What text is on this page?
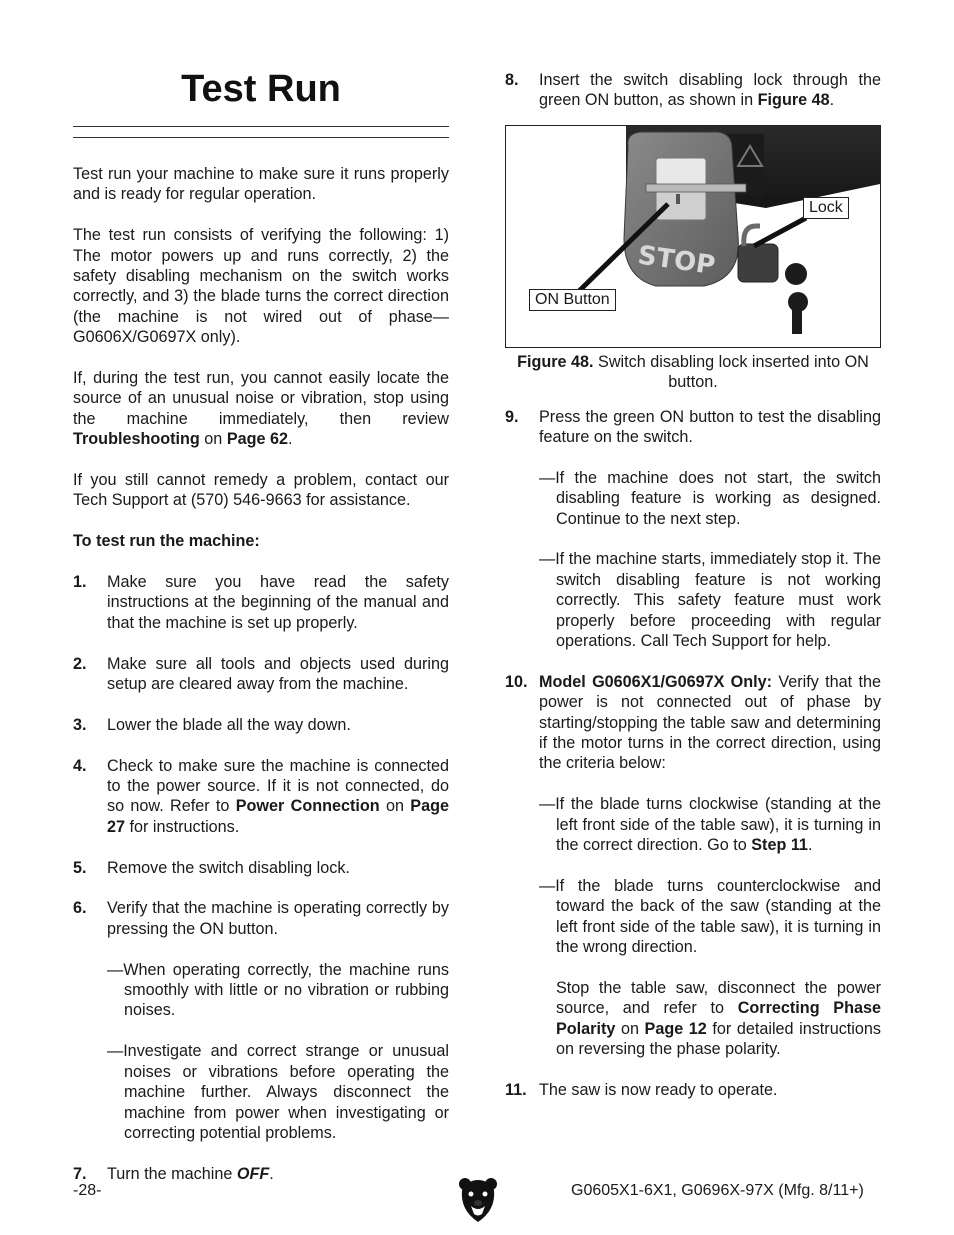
Test Run

Test run your machine to make sure it runs properly and is ready for regular operation.

The test run consists of verifying the following: 1) The motor powers up and runs correctly, 2) the safety disabling mechanism on the switch works correctly, and 3) the blade turns the correct direction (the machine is not wired out of phase—G0606X/G0697X only).

If, during the test run, you cannot easily locate the source of an unusual noise or vibration, stop using the machine immediately, then review Troubleshooting on Page 62.

If you still cannot remedy a problem, contact our Tech Support at (570) 546-9663 for assistance.

To test run the machine:

1.	Make sure you have read the safety instructions at the beginning of the manual and that the machine is set up properly.
2.	Make sure all tools and objects used during setup are cleared away from the machine.
3.	Lower the blade all the way down.
4.	Check to make sure the machine is connected to the power source. If it is not connected, do so now. Refer to Power Connection on Page 27 for instructions.
5.	Remove the switch disabling lock.
6.	Verify that the machine is operating correctly by pressing the ON button.

—When operating correctly, the machine runs smoothly with little or no vibration or rubbing noises.

—Investigate and correct strange or unusual noises or vibrations before operating the machine further. Always disconnect the machine from power when investigating or correcting potential problems.

7.	Turn the machine OFF.
8.	Insert the switch disabling lock through the green ON button, as shown in Figure 48.
STOP
Lock
ON Button
Figure 48. Switch disabling lock inserted into ON button.
9.	Press the green ON button to test the disabling feature on the switch.

—If the machine does not start, the switch disabling feature is working as designed. Continue to the next step.

—If the machine starts, immediately stop it. The switch disabling feature is not working correctly. This safety feature must work properly before proceeding with regular operations. Call Tech Support for help.

10. Model G0606X1/G0697X Only: Verify that the power is not connected out of phase by starting/stopping the table saw and determining if the motor turns in the correct direction, using the criteria below:

—If the blade turns clockwise (standing at the left front side of the table saw), it is turning in the correct direction. Go to Step 11.

—If the blade turns counterclockwise and toward the back of the saw (standing at the left front side of the table saw), it is turning in the wrong direction.

Stop the table saw, disconnect the power source, and refer to Correcting Phase Polarity on Page 12 for detailed instructions on reversing the phase polarity.

11. The saw is now ready to operate.
-28-	G0605X1-6X1, G0696X-97X (Mfg. 8/11+)
